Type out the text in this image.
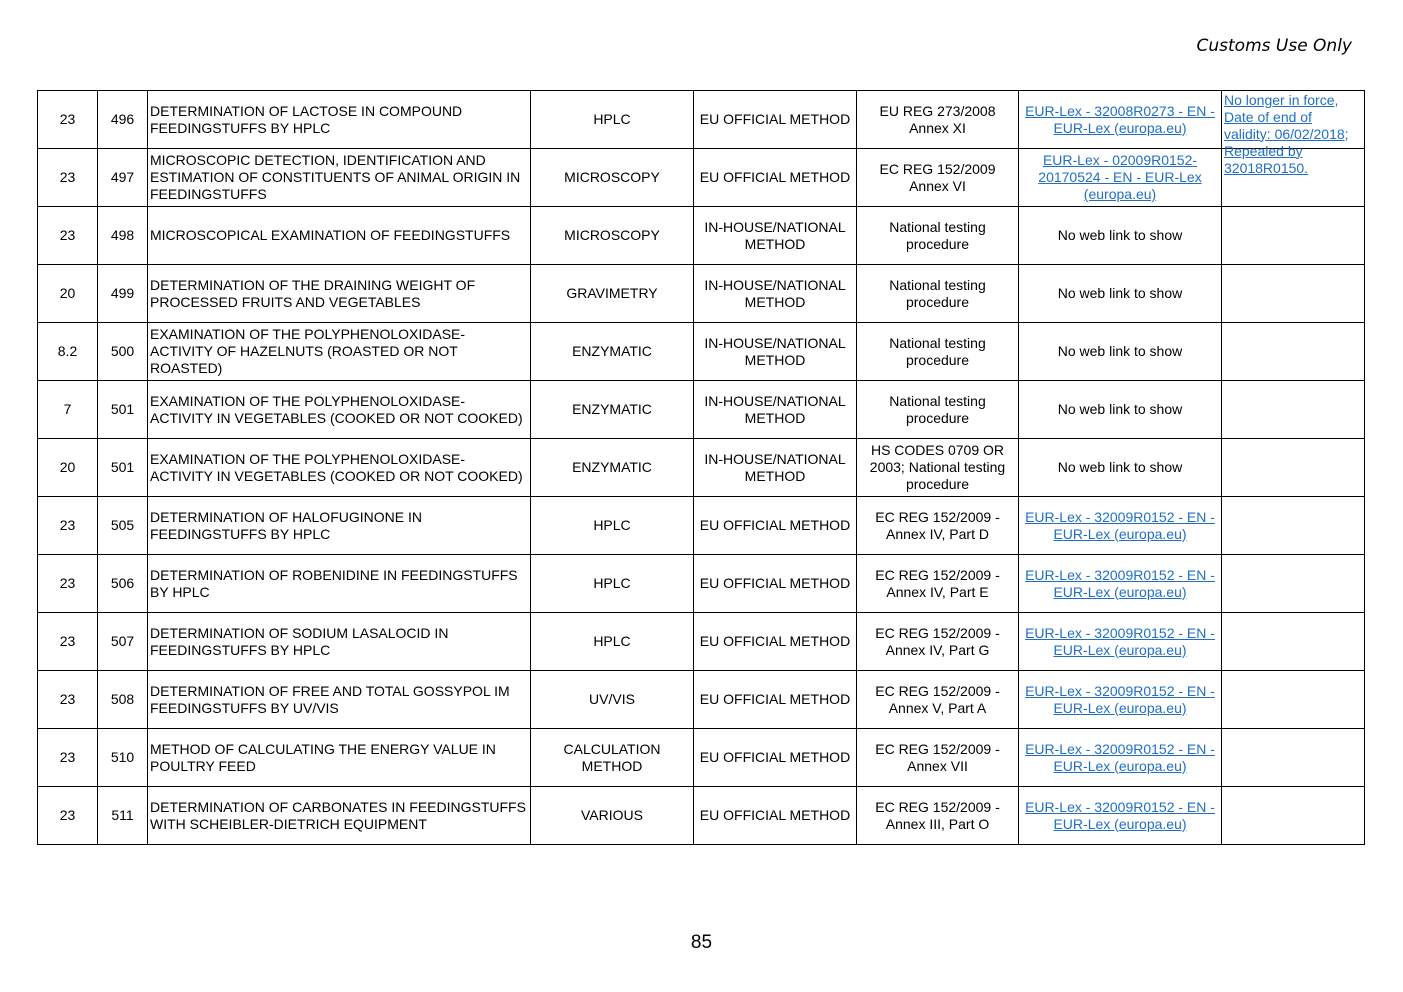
Customs Use Only
23	496	DETERMINATION OF LACTOSE IN COMPOUND FEEDINGSTUFFS BY HPLC	HPLC	EU OFFICIAL METHOD	EU REG 273/2008 Annex XI	EUR-Lex - 32008R0273 - EN - EUR-Lex (europa.eu)	No longer in force, Date of end of validity: 06/02/2018; Repealed by 32018R0150.

23	497	MICROSCOPIC DETECTION, IDENTIFICATION AND ESTIMATION OF CONSTITUENTS OF ANIMAL ORIGIN IN FEEDINGSTUFFS	MICROSCOPY	EU OFFICIAL METHOD	EC REG 152/2009 Annex VI	EUR-Lex - 02009R0152-20170524 - EN - EUR-Lex (europa.eu)	
23	498	MICROSCOPICAL EXAMINATION OF FEEDINGSTUFFS	MICROSCOPY	IN-HOUSE/NATIONAL METHOD	National testing procedure	No web link to show	
20	499	DETERMINATION OF THE DRAINING WEIGHT OF PROCESSED FRUITS AND VEGETABLES	GRAVIMETRY	IN-HOUSE/NATIONAL METHOD	National testing procedure	No web link to show	
8.2	500	EXAMINATION OF THE POLYPHENOLOXIDASE-ACTIVITY OF HAZELNUTS (ROASTED OR NOT ROASTED)	ENZYMATIC	IN-HOUSE/NATIONAL METHOD	National testing procedure	No web link to show	
7	501	EXAMINATION OF THE POLYPHENOLOXIDASE-ACTIVITY IN VEGETABLES (COOKED OR NOT COOKED)	ENZYMATIC	IN-HOUSE/NATIONAL METHOD	National testing procedure	No web link to show	
20	501	EXAMINATION OF THE POLYPHENOLOXIDASE-ACTIVITY IN VEGETABLES (COOKED OR NOT COOKED)	ENZYMATIC	IN-HOUSE/NATIONAL METHOD	HS CODES 0709 OR 2003; National testing procedure	No web link to show	
23	505	DETERMINATION OF HALOFUGINONE IN FEEDINGSTUFFS BY HPLC	HPLC	EU OFFICIAL METHOD	EC REG 152/2009 - Annex IV, Part D	EUR-Lex - 32009R0152 - EN - EUR-Lex (europa.eu)	
23	506	DETERMINATION OF ROBENIDINE IN FEEDINGSTUFFS BY HPLC	HPLC	EU OFFICIAL METHOD	EC REG 152/2009 - Annex IV, Part E	EUR-Lex - 32009R0152 - EN - EUR-Lex (europa.eu)	
23	507	DETERMINATION OF SODIUM LASALOCID IN FEEDINGSTUFFS BY HPLC	HPLC	EU OFFICIAL METHOD	EC REG 152/2009 - Annex IV, Part G	EUR-Lex - 32009R0152 - EN - EUR-Lex (europa.eu)	
23	508	DETERMINATION OF FREE AND TOTAL GOSSYPOL IM FEEDINGSTUFFS BY UV/VIS	UV/VIS	EU OFFICIAL METHOD	EC REG 152/2009 - Annex V, Part A	EUR-Lex - 32009R0152 - EN - EUR-Lex (europa.eu)	
23	510	METHOD OF CALCULATING THE ENERGY VALUE IN POULTRY FEED	CALCULATION METHOD	EU OFFICIAL METHOD	EC REG 152/2009 - Annex VII	EUR-Lex - 32009R0152 - EN - EUR-Lex (europa.eu)	
23	511	DETERMINATION OF CARBONATES IN FEEDINGSTUFFS WITH SCHEIBLER-DIETRICH EQUIPMENT	VARIOUS	EU OFFICIAL METHOD	EC REG 152/2009 - Annex III, Part O	EUR-Lex - 32009R0152 - EN - EUR-Lex (europa.eu)	
85
